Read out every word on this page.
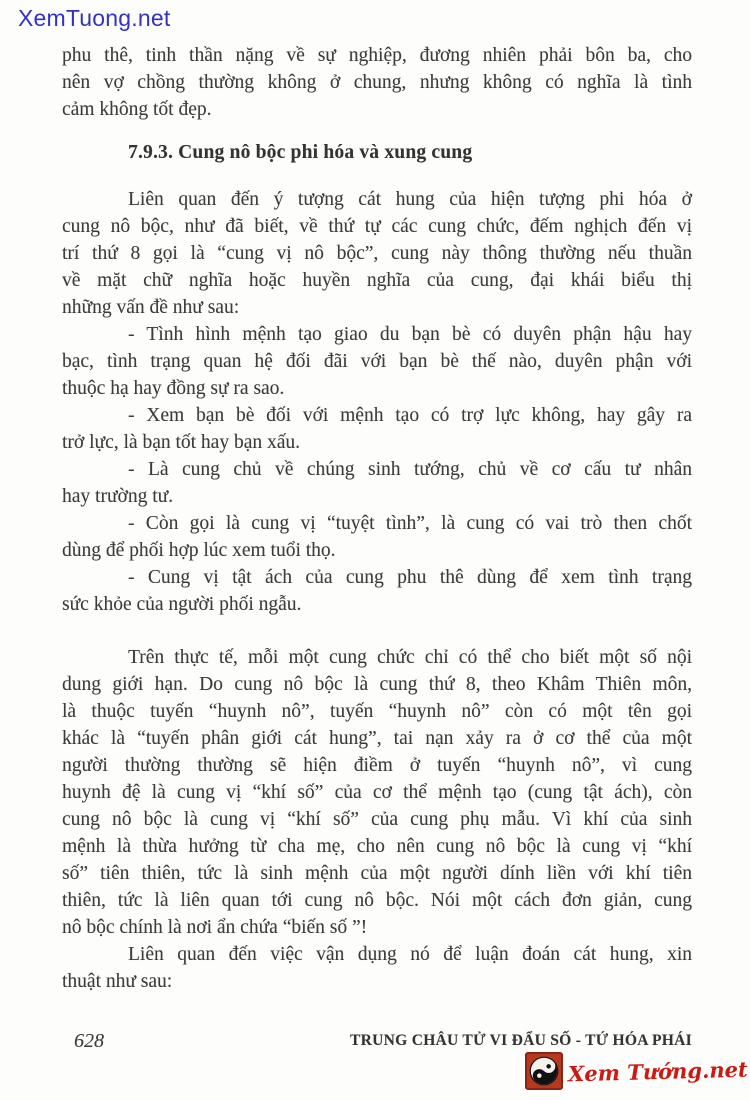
XemTuong.net
phu thê, tinh thần nặng về sự nghiệp, đương nhiên phải bôn ba, cho
nên vợ chồng thường không ở chung, nhưng không có nghĩa là tình
cảm không tốt đẹp.
7.9.3. Cung nô bộc phi hóa và xung cung
Liên quan đến ý tượng cát hung của hiện tượng phi hóa ở
cung nô bộc, như đã biết, về thứ tự các cung chức, đếm nghịch đến vị
trí thứ 8 gọi là “cung vị nô bộc”, cung này thông thường nếu thuần
về mặt chữ nghĩa hoặc huyền nghĩa của cung, đại khái biểu thị
những vấn đề như sau:
- Tình hình mệnh tạo giao du bạn bè có duyên phận hậu hay
bạc, tình trạng quan hệ đối đãi với bạn bè thế nào, duyên phận với
thuộc hạ hay đồng sự ra sao.
- Xem bạn bè đối với mệnh tạo có trợ lực không, hay gây ra
trở lực, là bạn tốt hay bạn xấu.
- Là cung chủ về chúng sinh tướng, chủ về cơ cấu tư nhân
hay trường tư.
- Còn gọi là cung vị “tuyệt tình”, là cung có vai trò then chốt
dùng để phối hợp lúc xem tuổi thọ.
- Cung vị tật ách của cung phu thê dùng để xem tình trạng
sức khỏe của người phối ngẫu.
Trên thực tế, mỗi một cung chức chỉ có thể cho biết một số nội
dung giới hạn. Do cung nô bộc là cung thứ 8, theo Khâm Thiên môn,
là thuộc tuyến “huynh nô”, tuyến “huynh nô” còn có một tên gọi
khác là “tuyến phân giới cát hung”, tai nạn xảy ra ở cơ thể của một
người thường thường sẽ hiện điềm ở tuyến “huynh nô”, vì cung
huynh đệ là cung vị “khí số” của cơ thể mệnh tạo (cung tật ách), còn
cung nô bộc là cung vị “khí số” của cung phụ mẫu. Vì khí của sinh
mệnh là thừa hưởng từ cha mẹ, cho nên cung nô bộc là cung vị “khí
số” tiên thiên, tức là sinh mệnh của một người dính liền với khí tiên
thiên, tức là liên quan tới cung nô bộc. Nói một cách đơn giản, cung
nô bộc chính là nơi ẩn chứa “biến số ”!
Liên quan đến việc vận dụng nó để luận đoán cát hung, xin
thuật như sau:
628	TRUNG CHÂU TỬ VI ĐẨU SỐ - TỨ HÓA PHÁI
Xem Tướng.net
